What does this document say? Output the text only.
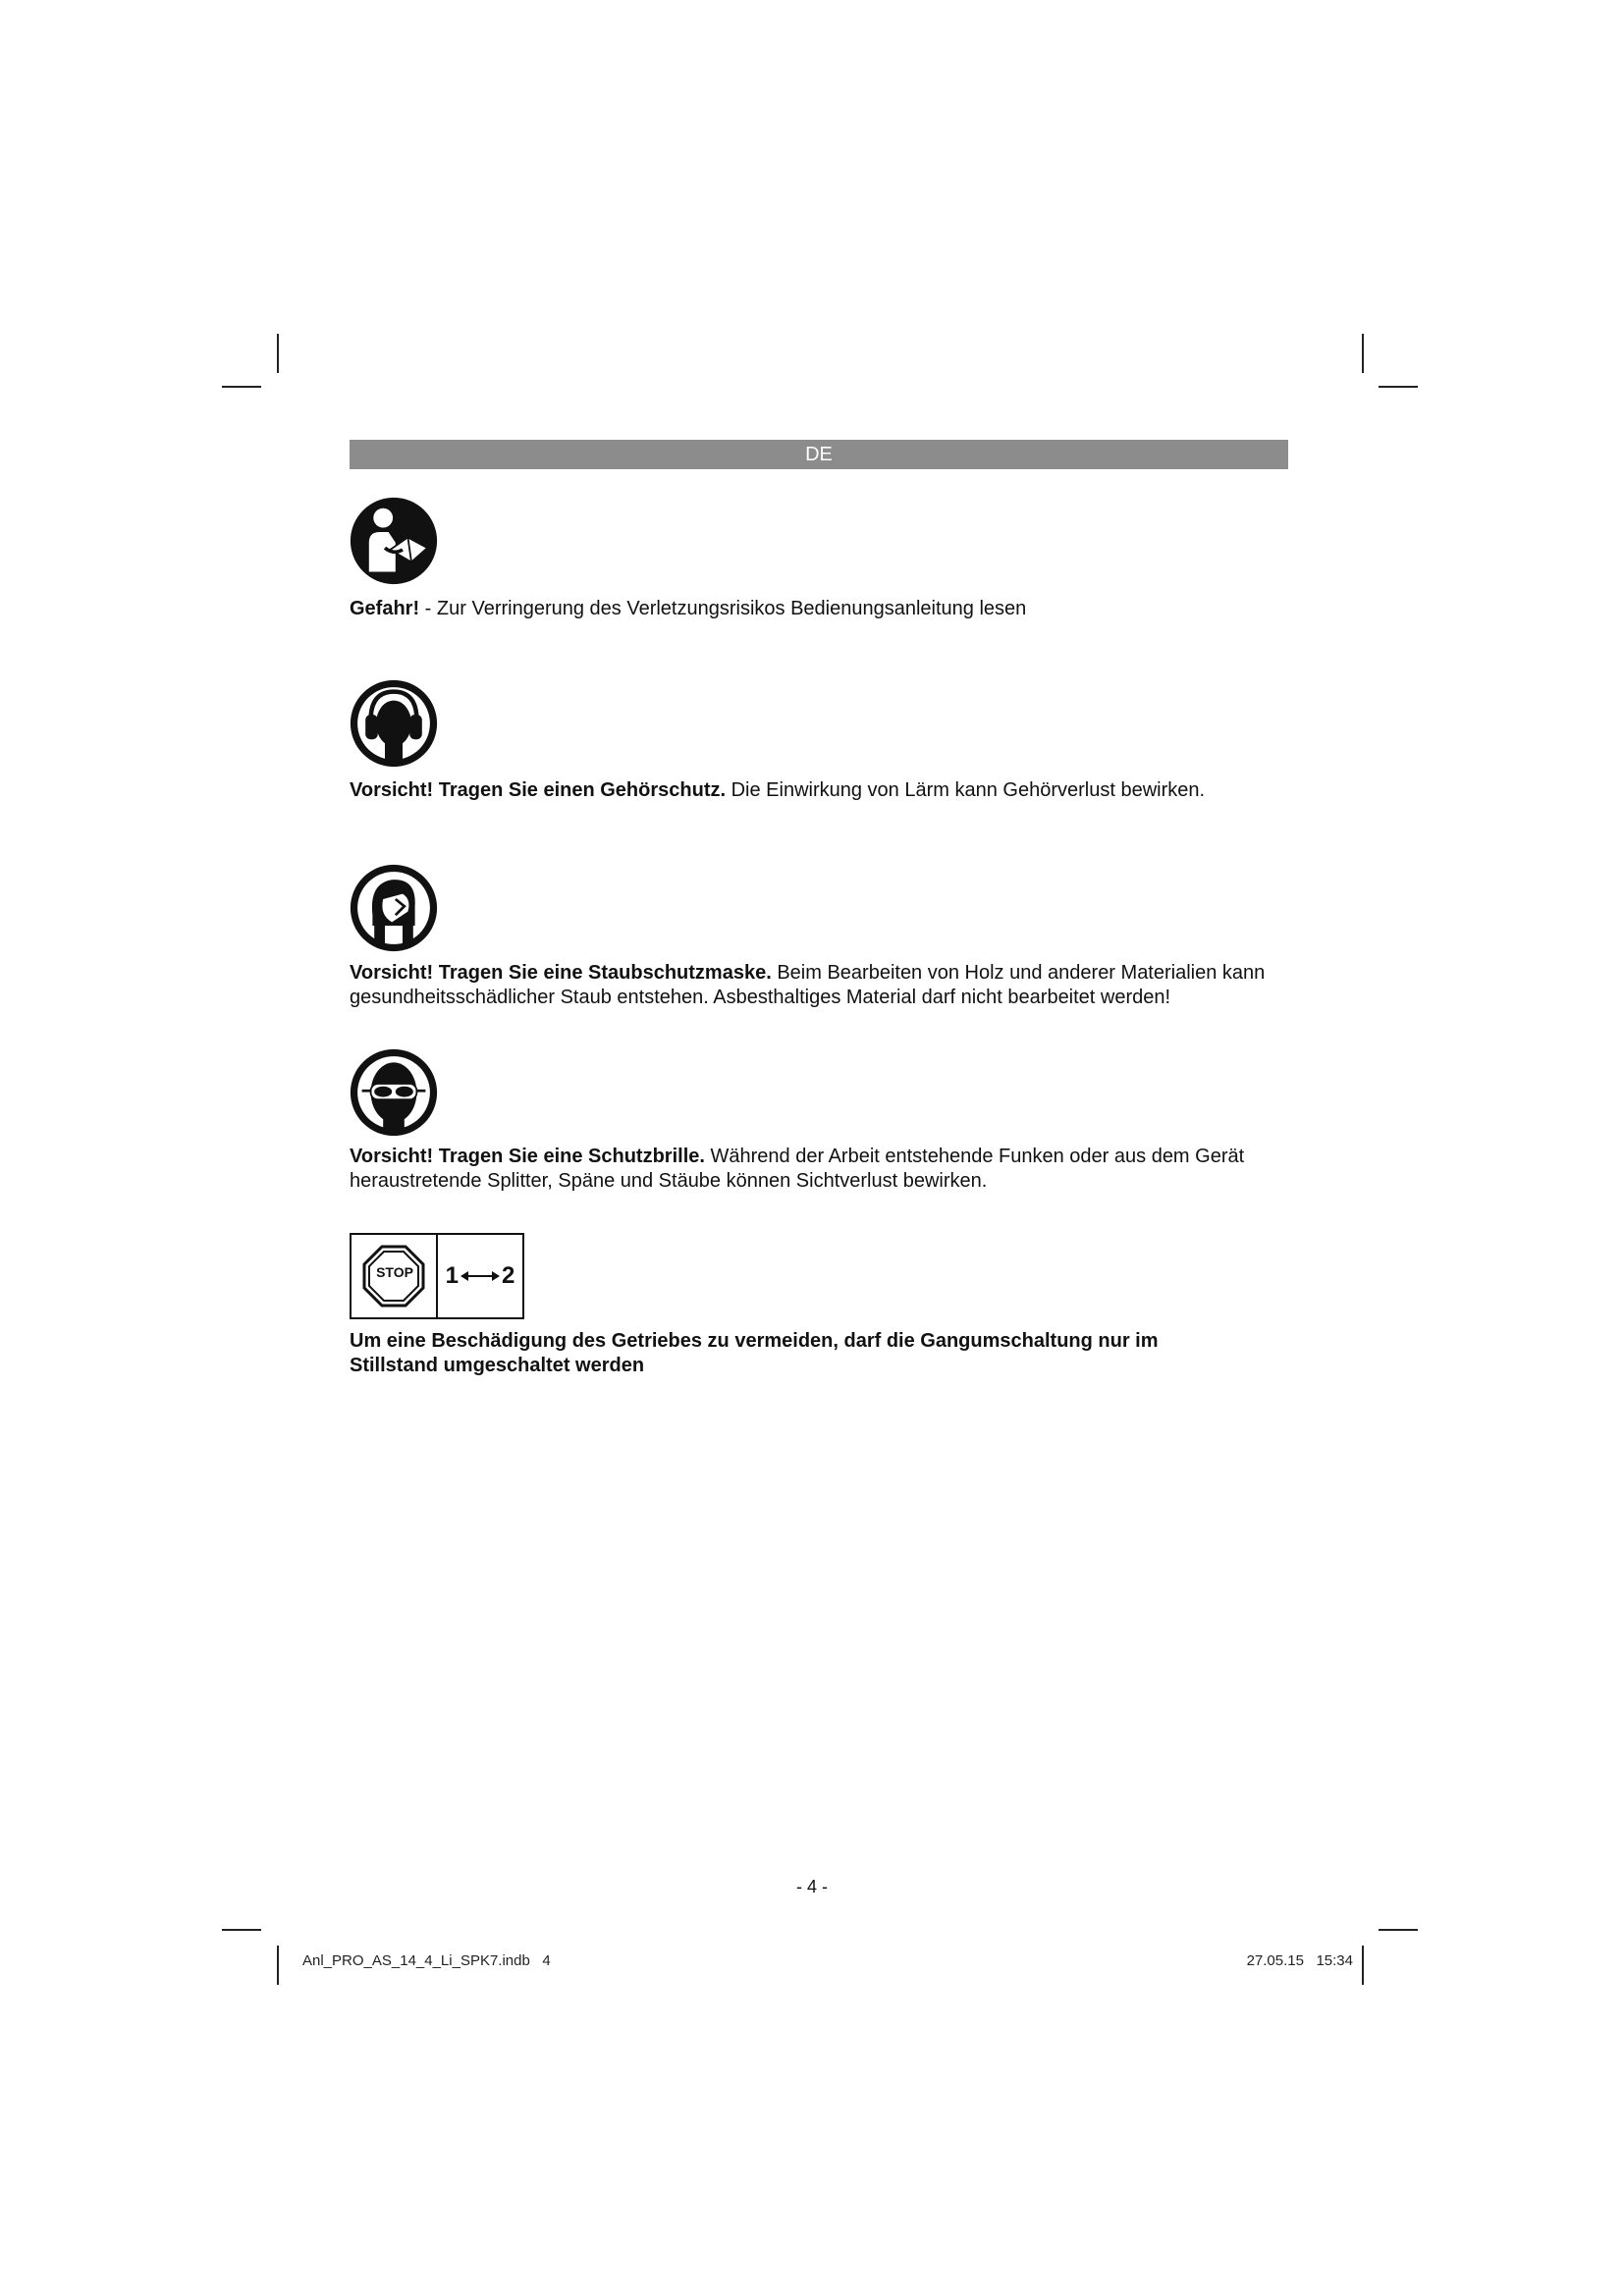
DE

Gefahr! - Zur Verringerung des Verletzungsrisikos Bedienungsanleitung lesen

Vorsicht! Tragen Sie einen Gehörschutz. Die Einwirkung von Lärm kann Gehörverlust bewirken.

Vorsicht! Tragen Sie eine Staubschutzmaske. Beim Bearbeiten von Holz und anderer Materialien kann gesundheitsschädlicher Staub entstehen. Asbesthaltiges Material darf nicht bearbeitet werden!

Vorsicht! Tragen Sie eine Schutzbrille. Während der Arbeit entstehende Funken oder aus dem Gerät heraustretende Splitter, Späne und Stäube können Sichtverlust bewirken.

STOP	1 2

Um eine Beschädigung des Getriebes zu vermeiden, darf die Gangumschaltung nur im Stillstand umgeschaltet werden

- 4 -
Anl_PRO_AS_14_4_Li_SPK7.indb   4	27.05.15   15:34
